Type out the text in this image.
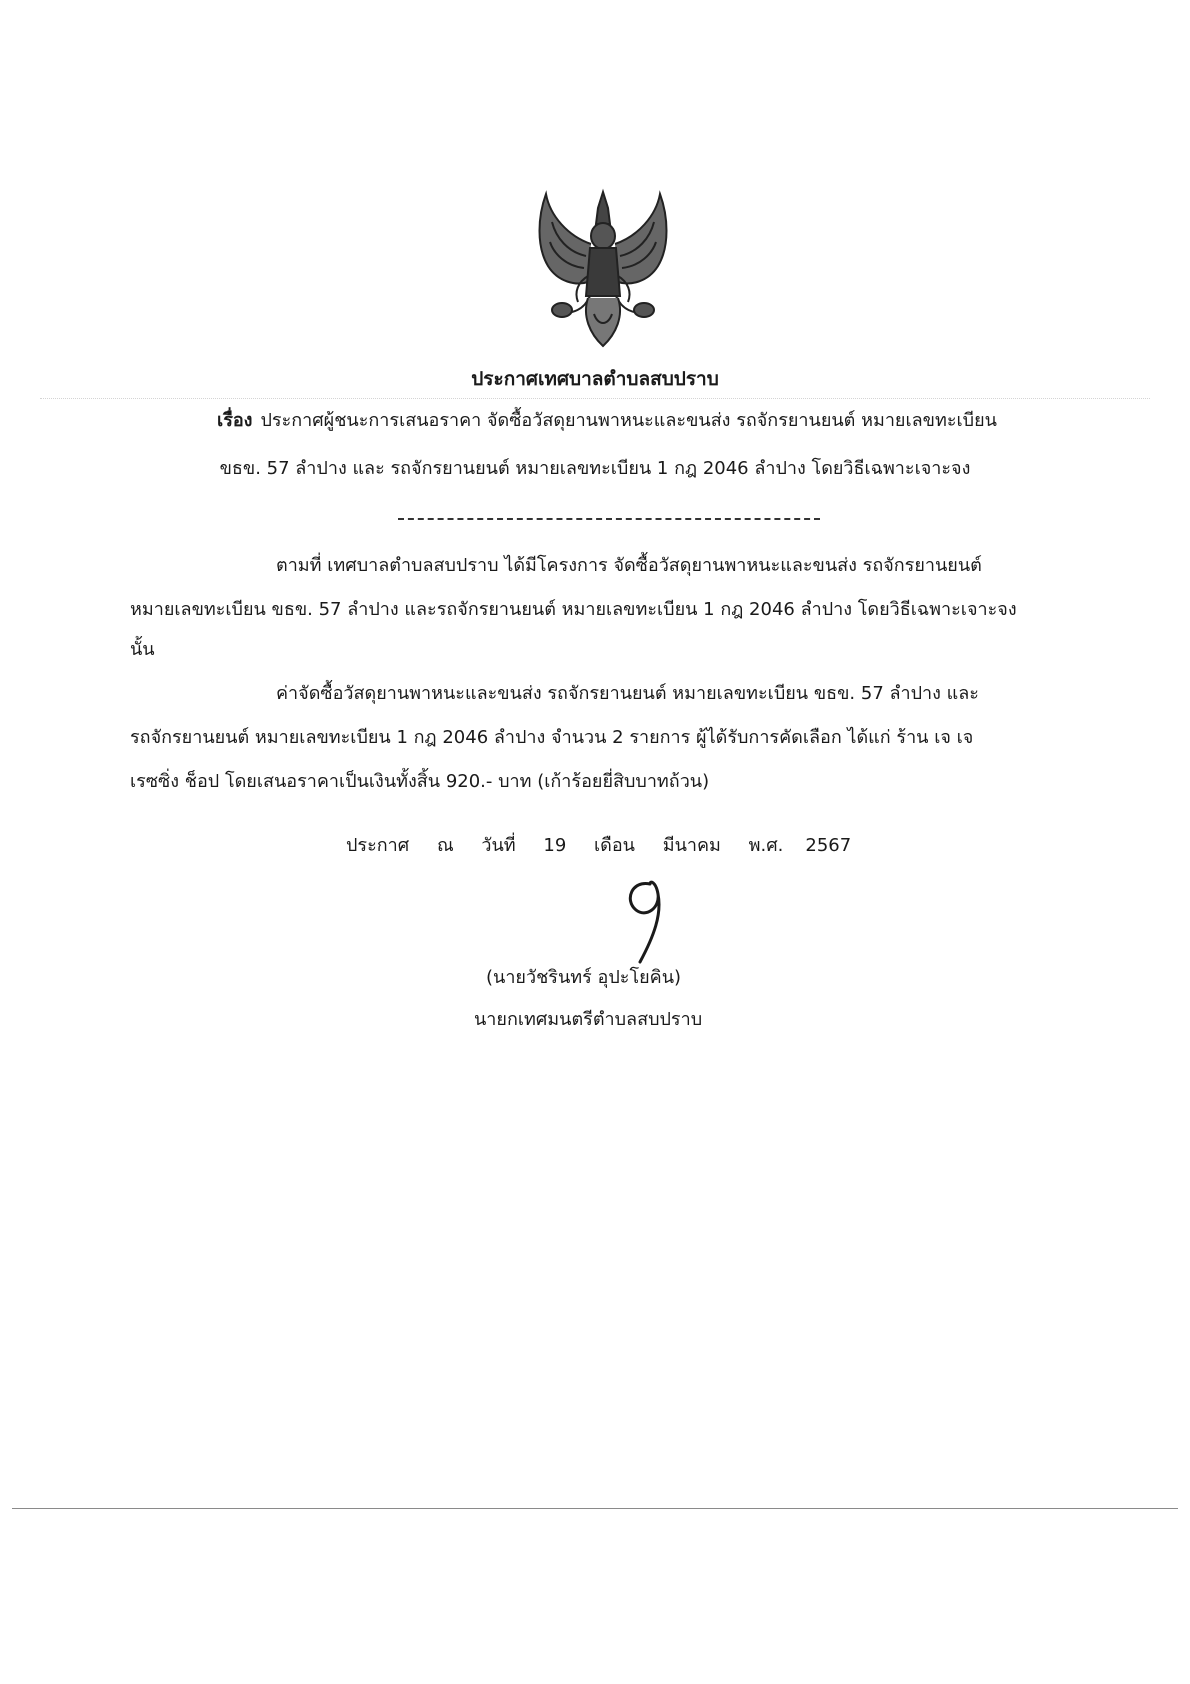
ประกาศเทศบาลตำบลสบปราบ
เรื่อง ประกาศผู้ชนะการเสนอราคา จัดซื้อวัสดุยานพาหนะและขนส่ง รถจักรยานยนต์ หมายเลขทะเบียน
ขธข. 57 ลำปาง และ รถจักรยานยนต์ หมายเลขทะเบียน 1 กฎ 2046 ลำปาง โดยวิธีเฉพาะเจาะจง
ตามที่ เทศบาลตำบลสบปราบ ได้มีโครงการ จัดซื้อวัสดุยานพาหนะและขนส่ง รถจักรยานยนต์
หมายเลขทะเบียน ขธข. 57 ลำปาง และรถจักรยานยนต์ หมายเลขทะเบียน 1 กฎ 2046 ลำปาง โดยวิธีเฉพาะเจาะจง
นั้น
ค่าจัดซื้อวัสดุยานพาหนะและขนส่ง รถจักรยานยนต์ หมายเลขทะเบียน ขธข. 57 ลำปาง และ
รถจักรยานยนต์ หมายเลขทะเบียน 1 กฎ 2046 ลำปาง จำนวน 2 รายการ ผู้ได้รับการคัดเลือก ได้แก่ ร้าน เจ เจ
เรซซิ่ง ช็อป โดยเสนอราคาเป็นเงินทั้งสิ้น 920.- บาท (เก้าร้อยยี่สิบบาทถ้วน)
ประกาศ ณ วันที่ 19 เดือน มีนาคม พ.ศ. 2567
(นายวัชรินทร์ อุปะโยคิน)
นายกเทศมนตรีตำบลสบปราบ
